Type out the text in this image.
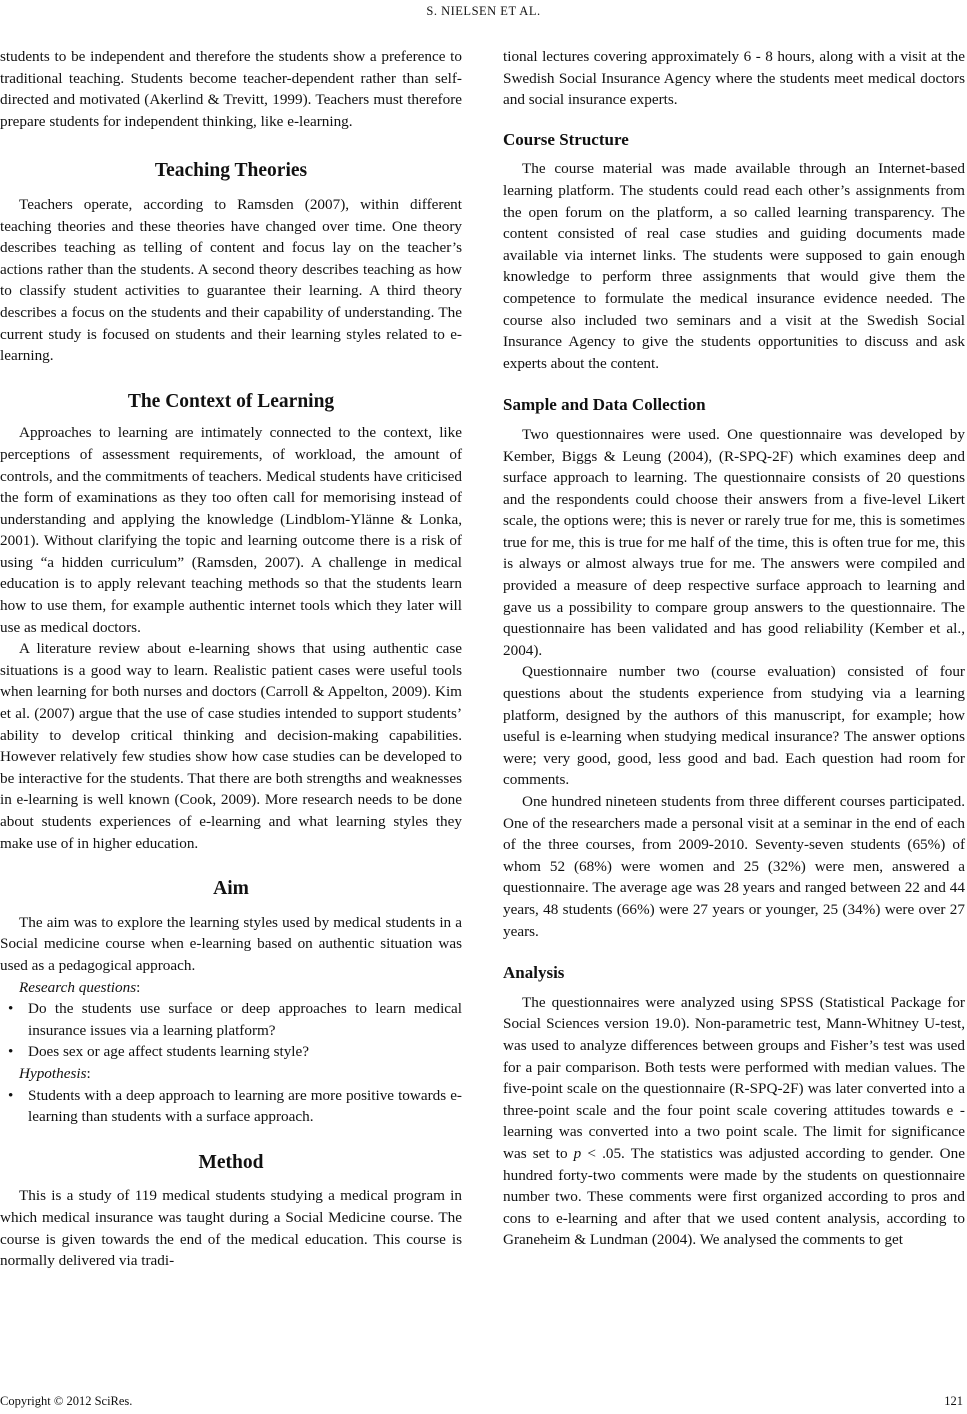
S. NIELSEN ET AL.

students to be independent and therefore the students show a preference to traditional teaching. Students become teacher-dependent rather than self-directed and motivated (Akerlind & Trevitt, 1999). Teachers must therefore prepare students for independent thinking, like e-learning.

Teaching Theories

Teachers operate, according to Ramsden (2007), within different teaching theories and these theories have changed over time. One theory describes teaching as telling of content and focus lay on the teacher’s actions rather than the students. A second theory describes teaching as how to classify student activities to guarantee their learning. A third theory describes a focus on the students and their capability of understanding. The current study is focused on students and their learning styles related to e-learning.

The Context of Learning

Approaches to learning are intimately connected to the context, like perceptions of assessment requirements, of workload, the amount of controls, and the commitments of teachers. Medical students have criticised the form of examinations as they too often call for memorising instead of understanding and applying the knowledge (Lindblom-Ylänne & Lonka, 2001). Without clarifying the topic and learning outcome there is a risk of using “a hidden curriculum” (Ramsden, 2007). A challenge in medical education is to apply relevant teaching methods so that the students learn how to use them, for example authentic internet tools which they later will use as medical doctors.

A literature review about e-learning shows that using authentic case situations is a good way to learn. Realistic patient cases were useful tools when learning for both nurses and doctors (Carroll & Appelton, 2009). Kim et al. (2007) argue that the use of case studies intended to support students’ ability to develop critical thinking and decision-making capabilities. However relatively few studies show how case studies can be developed to be interactive for the students. That there are both strengths and weaknesses in e-learning is well known (Cook, 2009). More research needs to be done about students experiences of e-learning and what learning styles they make use of in higher education.

Aim

The aim was to explore the learning styles used by medical students in a Social medicine course when e-learning based on authentic situation was used as a pedagogical approach.

Research questions:
• Do the students use surface or deep approaches to learn medical insurance issues via a learning platform?
• Does sex or age affect students learning style?
Hypothesis:
• Students with a deep approach to learning are more positive towards e-learning than students with a surface approach.
Method

This is a study of 119 medical students studying a medical program in which medical insurance was taught during a Social Medicine course. The course is given towards the end of the medical education. This course is normally delivered via tradi-

tional lectures covering approximately 6 - 8 hours, along with a visit at the Swedish Social Insurance Agency where the students meet medical doctors and social insurance experts.

Course Structure

The course material was made available through an Internet-based learning platform. The students could read each other’s assignments from the open forum on the platform, a so called learning transparency. The content consisted of real case studies and guiding documents made available via internet links. The students were supposed to gain enough knowledge to perform three assignments that would give them the competence to formulate the medical insurance evidence needed. The course also included two seminars and a visit at the Swedish Social Insurance Agency to give the students opportunities to discuss and ask experts about the content.

Sample and Data Collection

Two questionnaires were used. One questionnaire was developed by Kember, Biggs & Leung (2004), (R-SPQ-2F) which examines deep and surface approach to learning. The questionnaire consists of 20 questions and the respondents could choose their answers from a five-level Likert scale, the options were; this is never or rarely true for me, this is sometimes true for me, this is true for me half of the time, this is often true for me, this is always or almost always true for me. The answers were compiled and provided a measure of deep respective surface approach to learning and gave us a possibility to compare group answers to the questionnaire. The questionnaire has been validated and has good reliability (Kember et al., 2004).

Questionnaire number two (course evaluation) consisted of four questions about the students experience from studying via a learning platform, designed by the authors of this manuscript, for example; how useful is e-learning when studying medical insurance? The answer options were; very good, good, less good and bad. Each question had room for comments.

One hundred nineteen students from three different courses participated. One of the researchers made a personal visit at a seminar in the end of each of the three courses, from 2009-2010. Seventy-seven students (65%) of whom 52 (68%) were women and 25 (32%) were men, answered a questionnaire. The average age was 28 years and ranged between 22 and 44 years, 48 students (66%) were 27 years or younger, 25 (34%) were over 27 years.

Analysis

The questionnaires were analyzed using SPSS (Statistical Package for Social Sciences version 19.0). Non-parametric test, Mann-Whitney U-test, was used to analyze differences between groups and Fisher’s test was used for a pair comparison. Both tests were performed with median values. The five-point scale on the questionnaire (R-SPQ-2F) was later converted into a three-point scale and the four point scale covering attitudes towards e -learning was converted into a two point scale. The limit for significance was set to p < .05. The statistics was adjusted according to gender. One hundred forty-two comments were made by the students on questionnaire number two. These comments were first organized according to pros and cons to e-learning and after that we used content analysis, according to Graneheim & Lundman (2004). We analysed the comments to get

Copyright © 2012 SciRes.	121
